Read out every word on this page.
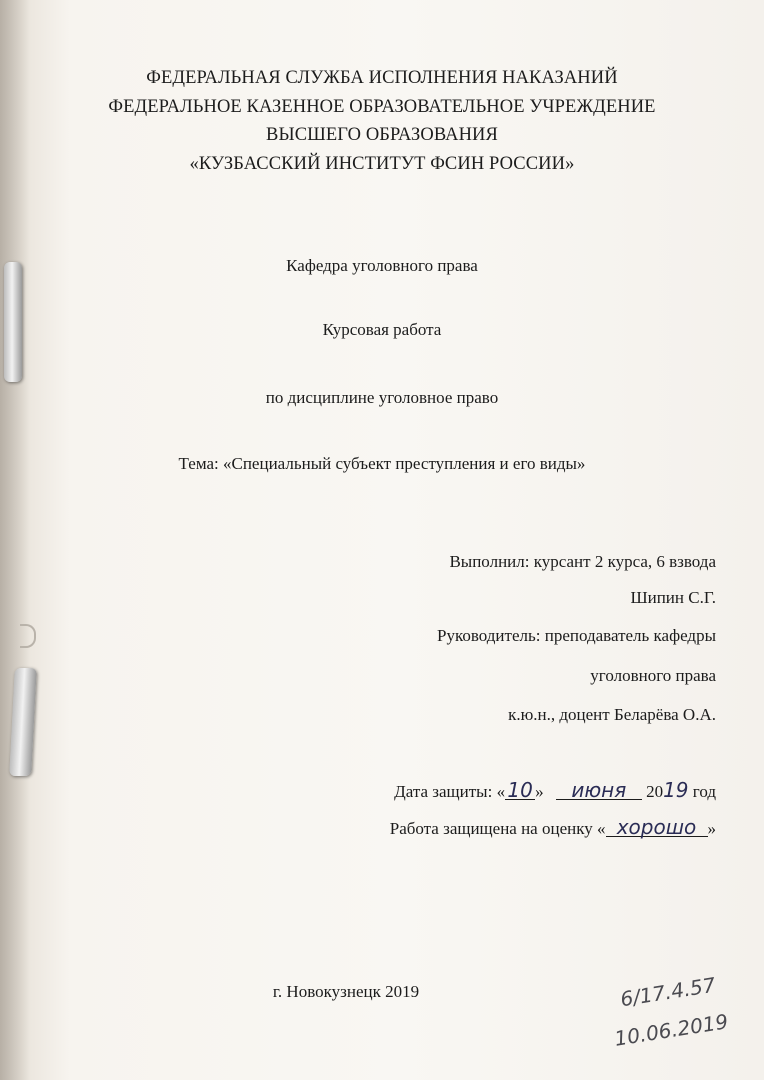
ФЕДЕРАЛЬНАЯ СЛУЖБА ИСПОЛНЕНИЯ НАКАЗАНИЙ
ФЕДЕРАЛЬНОЕ КАЗЕННОЕ ОБРАЗОВАТЕЛЬНОЕ УЧРЕЖДЕНИЕ
ВЫСШЕГО ОБРАЗОВАНИЯ
«КУЗБАССКИЙ ИНСТИТУТ ФСИН РОССИИ»
Кафедра уголовного права
Курсовая работа
по дисциплине уголовное право
Тема: «Специальный субъект преступления и его виды»
Выполнил: курсант 2 курса, 6 взвода
Шипин С.Г.
Руководитель: преподаватель кафедры
уголовного права
к.ю.н., доцент Беларёва О.А.
Дата защиты: « 10 » июня 2019 год
Работа защищена на оценку « хорошо »
г. Новокузнецк 2019	6/17.4.57
10.06.2019
